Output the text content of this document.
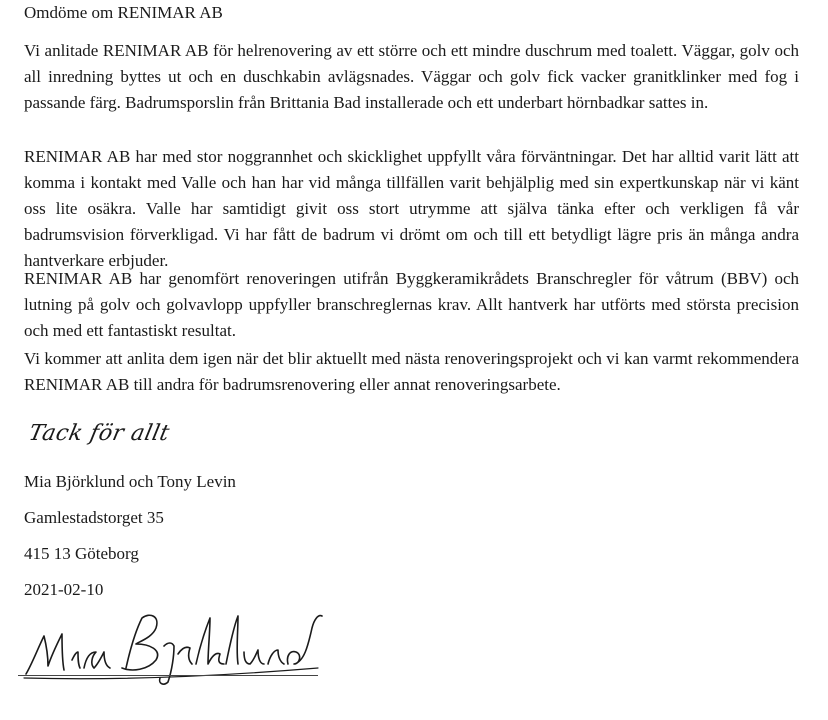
Omdöme om RENIMAR AB

Vi anlitade RENIMAR AB för helrenovering av ett större och ett mindre duschrum med toalett. Väggar, golv och all inredning byttes ut och en duschkabin avlägsnades. Väggar och golv fick vacker granitklinker med fog i passande färg. Badrumsporslin från Brittania Bad installerade och ett underbart hörnbadkar sattes in.

RENIMAR AB har med stor noggrannhet och skicklighet uppfyllt våra förväntningar. Det har alltid varit lätt att komma i kontakt med Valle och han har vid många tillfällen varit behjälplig med sin expertkunskap när vi känt oss lite osäkra. Valle har samtidigt givit oss stort utrymme att själva tänka efter och verkligen få vår badrumsvision förverkligad. Vi har fått de badrum vi drömt om och till ett betydligt lägre pris än många andra hantverkare erbjuder.

RENIMAR AB har genomfört renoveringen utifrån Byggkeramikrådets Branschregler för våtrum (BBV) och lutning på golv och golvavlopp uppfyller branschreglernas krav. Allt hantverk har utförts med största precision och med ett fantastiskt resultat.

Vi kommer att anlita dem igen när det blir aktuellt med nästa renoveringsprojekt och vi kan varmt rekommendera RENIMAR AB till andra för badrumsrenovering eller annat renoveringsarbete.

Tack för allt
Mia Björklund och Tony Levin
Gamlestadstorget 35
415 13 Göteborg
2021-02-10
